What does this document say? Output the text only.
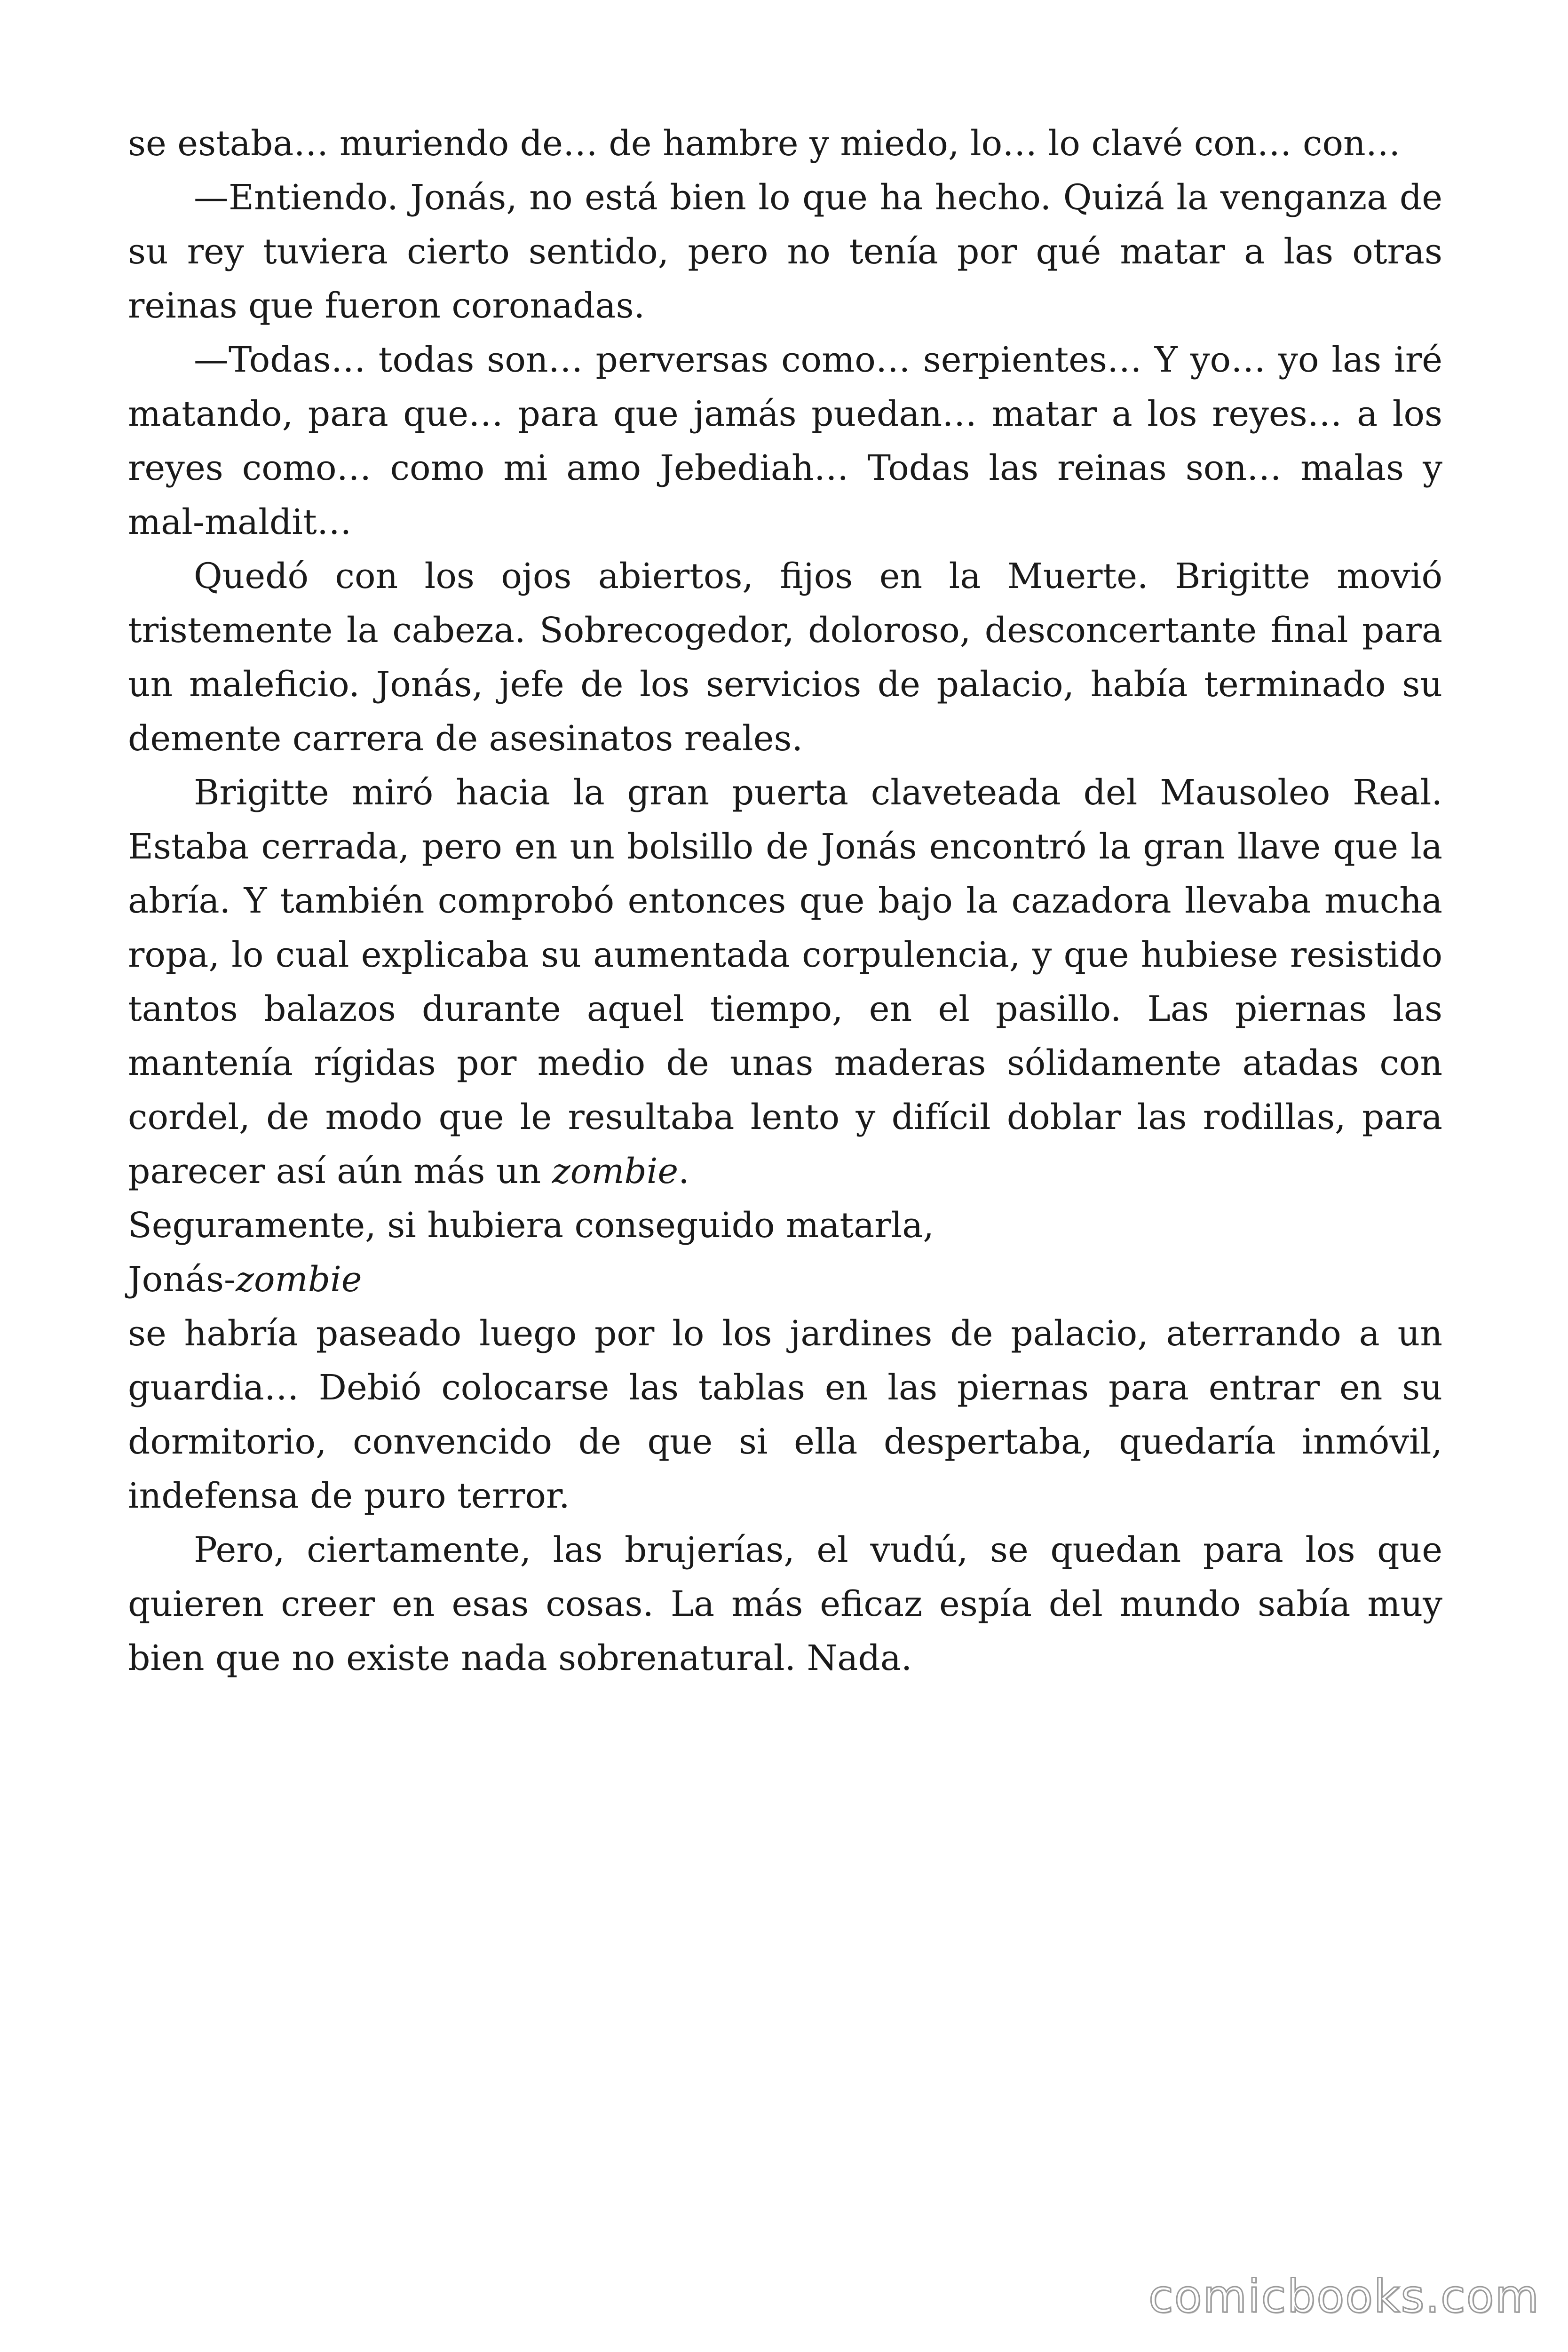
se estaba… muriendo de… de hambre y miedo, lo… lo clavé con… con…

—Entiendo. Jonás, no está bien lo que ha hecho. Quizá la venganza de su rey tuviera cierto sentido, pero no tenía por qué matar a las otras reinas que fueron coronadas.

—Todas… todas son… perversas como… serpientes… Y yo… yo las iré matando, para que… para que jamás puedan… matar a los reyes… a los reyes como… como mi amo Jebediah… Todas las reinas son… malas y mal-maldit…

Quedó con los ojos abiertos, fijos en la Muerte. Brigitte movió tristemente la cabeza. Sobrecogedor, doloroso, desconcertante final para un maleficio. Jonás, jefe de los servicios de palacio, había terminado su demente carrera de asesinatos reales.

Brigitte miró hacia la gran puerta claveteada del Mausoleo Real. Estaba cerrada, pero en un bolsillo de Jonás encontró la gran llave que la abría. Y también comprobó entonces que bajo la cazadora llevaba mucha ropa, lo cual explicaba su aumentada corpulencia, y que hubiese resistido tantos balazos durante aquel tiempo, en el pasillo. Las piernas las mantenía rígidas por medio de unas maderas sólidamente atadas con cordel, de modo que le resultaba lento y difícil doblar las rodillas, para parecer así aún más un zombie.

Seguramente, si hubiera conseguido matarla,

Jonás-zombie

se habría paseado luego por lo los jardines de palacio, aterrando a un guardia… Debió colocarse las tablas en las piernas para entrar en su dormitorio, convencido de que si ella despertaba, quedaría inmóvil, indefensa de puro terror.

Pero, ciertamente, las brujerías, el vudú, se quedan para los que quieren creer en esas cosas. La más eficaz espía del mundo sabía muy bien que no existe nada sobrenatural. Nada.

comicbooks.com
